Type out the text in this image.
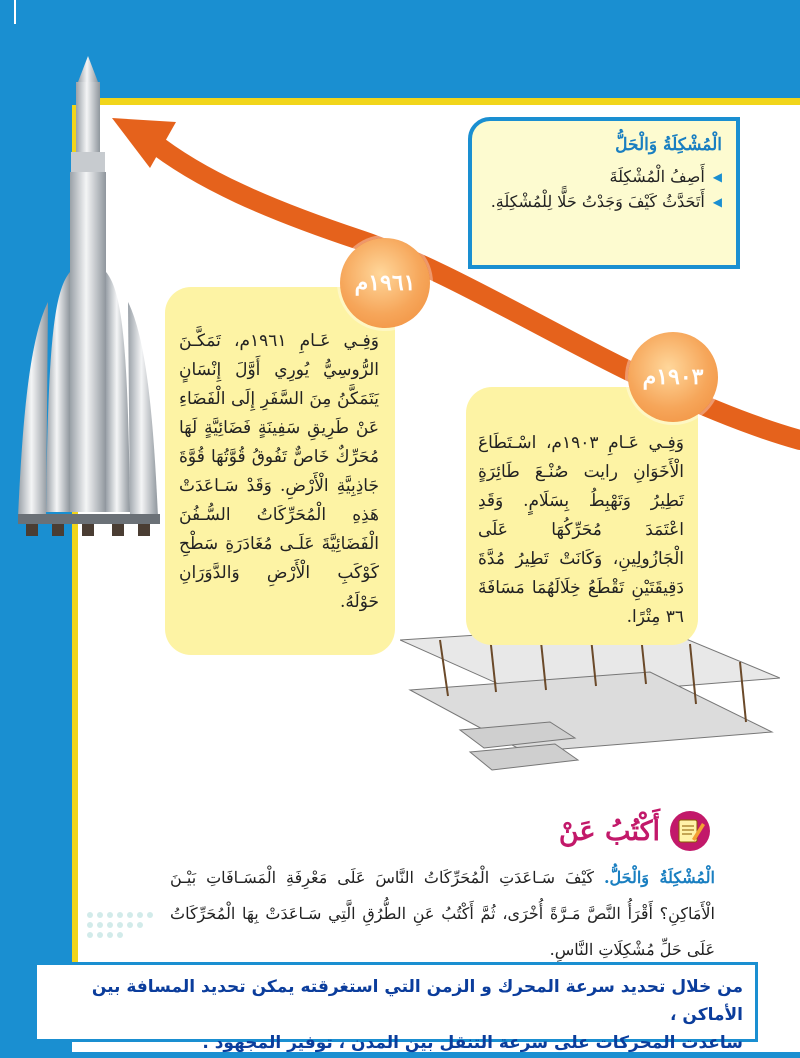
الْمُشْكِلَةُ وَالْحَلُّ
◀
أَصِفُ الْمُشْكِلَةَ
◀
أَتَحَدَّثُ كَيْفَ وَجَدْتُ حَلًّا لِلْمُشْكِلَةِ.
وَفِـي عَـامِ ١٩٦١م، تَمَكَّـنَ الرُّوسِيُّ يُورِي أَوَّلَ إِنْسَانٍ يَتَمَكَّنُ مِنَ السَّفَرِ إِلَى الْفَضَاءِ عَنْ طَرِيقِ سَفِينَةٍ فَضَائِيَّةٍ لَهَا مُحَرِّكٌ خَاصٌّ تَفُوقُ قُوَّتُهَا قُوَّةَ جَاذِبِيَّةِ الْأَرْضِ. وَقَدْ سَـاعَدَتْ هَذِهِ الْمُحَرِّكَاتُ السُّـفُنَ الْفَضَائِيَّةَ عَلَـى مُغَادَرَةِ سَطْحِ كَوْكَبِ الْأَرْضِ وَالدَّوَرَانِ حَوْلَهُ.
١٩٦١م
وَفِـي عَـامِ ١٩٠٣م، اسْـتَطَاعَ الْأَخَوَانِ رايت صُنْـعَ طَائِرَةٍ تَطِيرُ وَتَهْبِطُ بِسَلَامٍ. وَقَدِ اعْتَمَدَ مُحَرِّكُهَا عَلَى الْجَازُولِينِ، وَكَانَتْ تَطِيرُ مُدَّةَ دَقِيقَتَيْنِ تَقْطَعُ خِلَالَهُمَا مَسَافَةَ ٣٦ مِتْرًا.
١٩٠٣م
أَكْتُبُ عَنْ
الْمُشْكِلَةُ وَالْحَلُّ. كَيْفَ سَـاعَدَتِ الْمُحَرِّكَاتُ النَّاسَ عَلَى مَعْرِفَةِ الْمَسَـافَاتِ بَيْـنَ الْأَمَاكِنِ؟ أَقْرَأُ النَّصَّ مَـرَّةً أُخْرَى، ثُمَّ أَكْتُبُ عَنِ الطُّرُقِ الَّتِي سَـاعَدَتْ بِهَا الْمُحَرِّكَاتُ عَلَى حَلِّ مُشْكِلَاتِ النَّاسِ.
من خلال تحديد سرعة المحرك و الزمن التي استغرقته يمكن تحديد المسافة بين الأماكن ،
ساعدت المحركات على سرعة التنقل بين المدن ، توفير المجهود .
